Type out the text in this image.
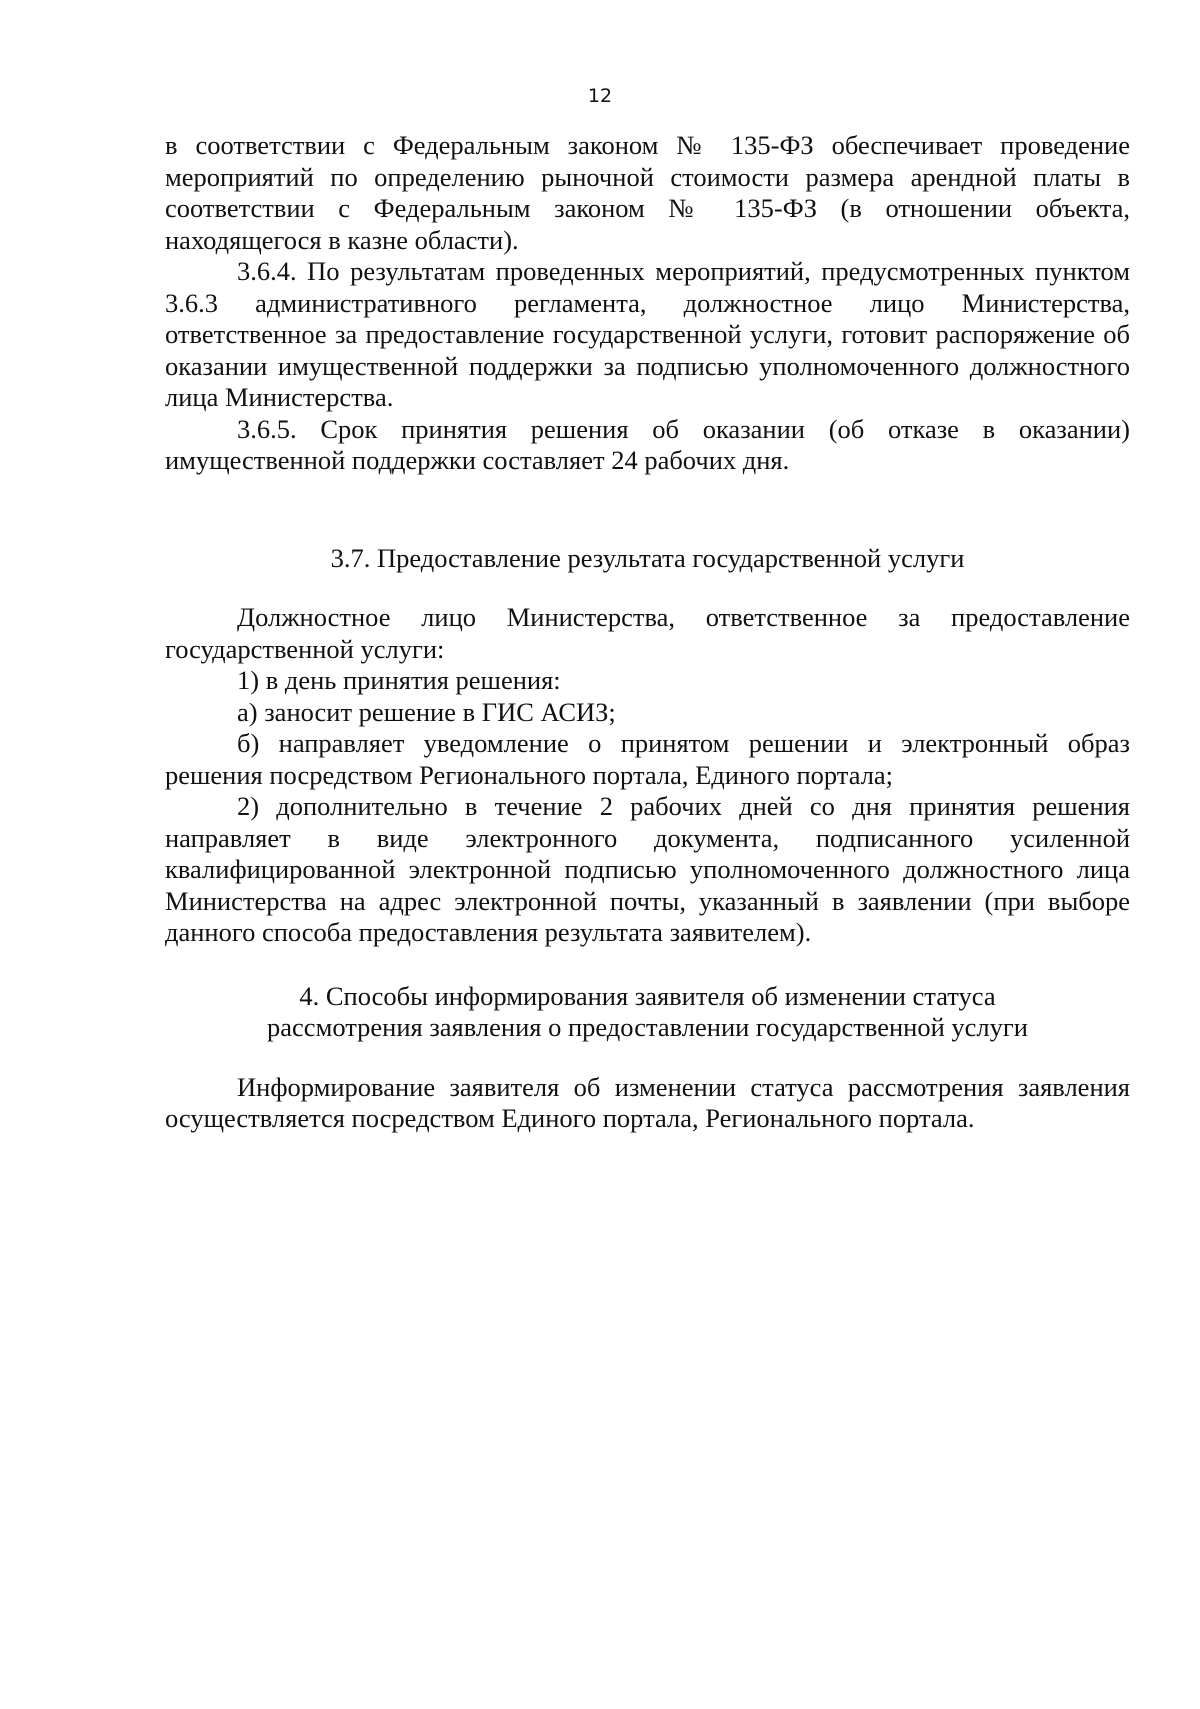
12

в соответствии с Федеральным законом № 135-ФЗ обеспечивает проведение мероприятий по определению рыночной стоимости размера арендной платы в соответствии с Федеральным законом № 135-ФЗ (в отношении объекта, находящегося в казне области).

3.6.4. По результатам проведенных мероприятий, предусмотренных пунктом 3.6.3 административного регламента, должностное лицо Министерства, ответственное за предоставление государственной услуги, готовит распоряжение об оказании имущественной поддержки за подписью уполномоченного должностного лица Министерства.

3.6.5. Срок принятия решения об оказании (об отказе в оказании) имущественной поддержки составляет 24 рабочих дня.

3.7. Предоставление результата государственной услуги

Должностное лицо Министерства, ответственное за предоставление государственной услуги:

1) в день принятия решения:

а) заносит решение в ГИС АСИЗ;

б) направляет уведомление о принятом решении и электронный образ решения посредством Регионального портала, Единого портала;

2) дополнительно в течение 2 рабочих дней со дня принятия решения направляет в виде электронного документа, подписанного усиленной квалифицированной электронной подписью уполномоченного должностного лица Министерства на адрес электронной почты, указанный в заявлении (при выборе данного способа предоставления результата заявителем).

4. Способы информирования заявителя об изменении статуса

рассмотрения заявления о предоставлении государственной услуги

Информирование заявителя об изменении статуса рассмотрения заявления осуществляется посредством Единого портала, Регионального портала.
